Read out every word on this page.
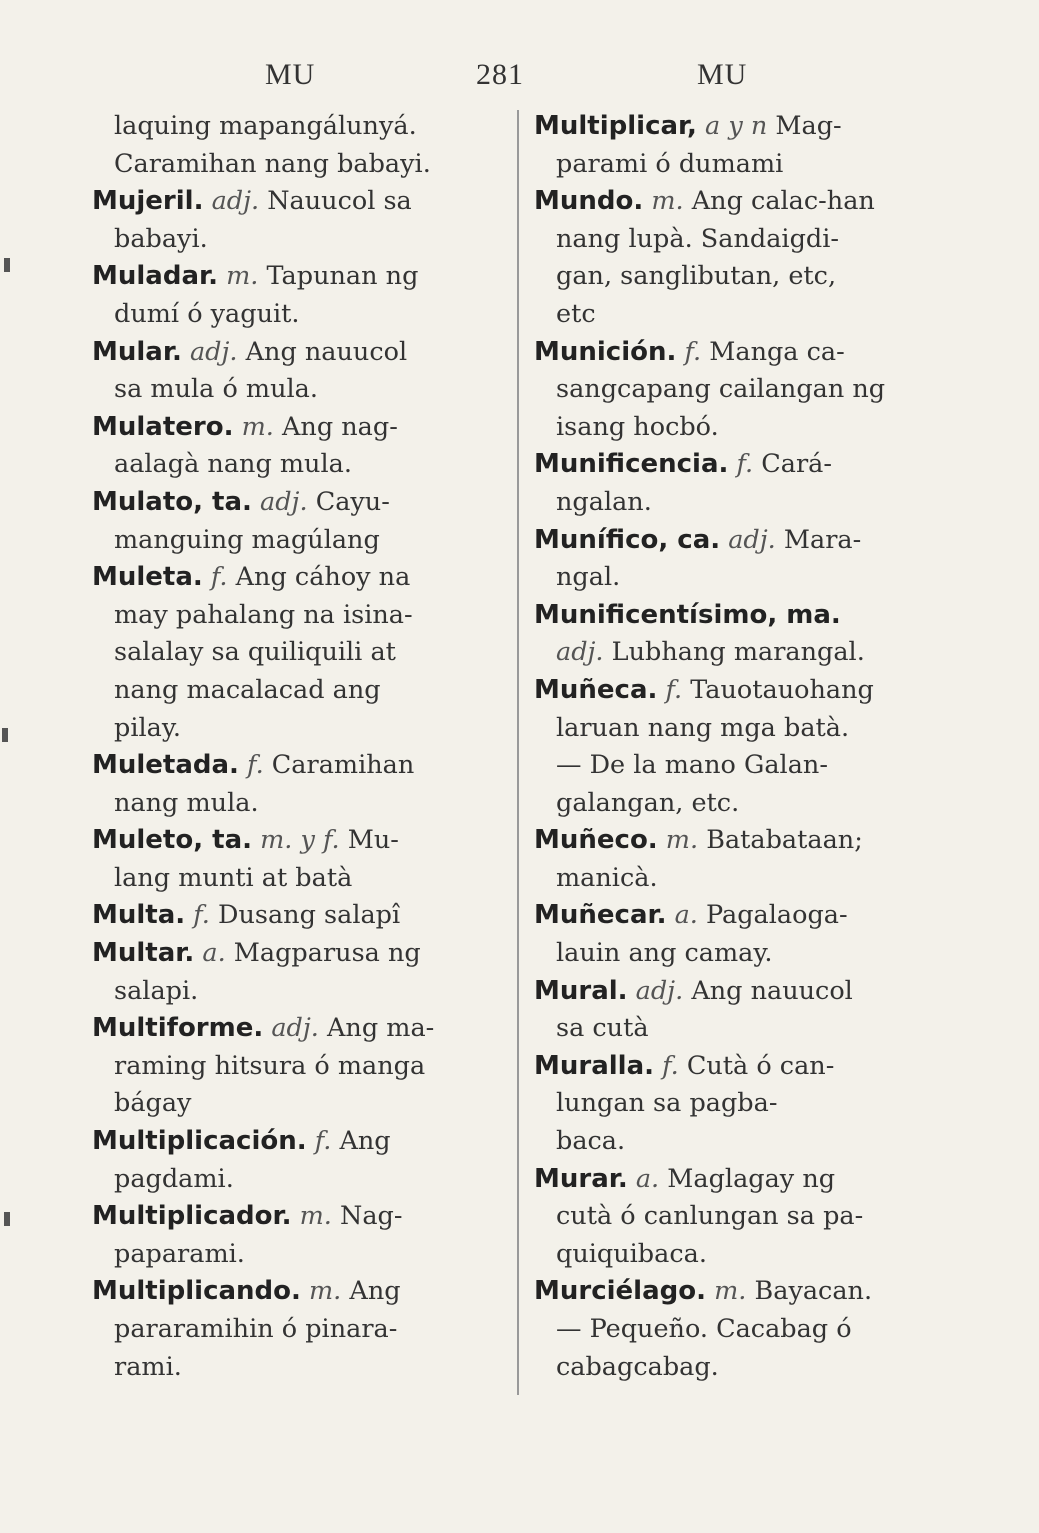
MU	281	MU
laquing mapangálunyá.
Caramihan nang babayi.
Mujeril. adj. Nauucol sa
babayi.
Muladar. m. Tapunan ng
dumí ó yaguit.
Mular. adj. Ang nauucol
sa mula ó mula.
Mulatero. m. Ang nag-
aalagà nang mula.
Mulato, ta. adj. Cayu-
manguing magúlang
Muleta. f. Ang cáhoy na
may pahalang na isina-
salalay sa quiliquili at
nang macalacad ang
pilay.
Muletada. f. Caramihan
nang mula.
Muleto, ta. m. y f. Mu-
lang munti at batà
Multa. f. Dusang salapî
Multar. a. Magparusa ng
salapi.
Multiforme. adj. Ang ma-
raming hitsura ó manga
bágay
Multiplicación. f. Ang
pagdami.
Multiplicador. m. Nag-
paparami.
Multiplicando. m. Ang
pararamihin ó pinara-
rami.
Multiplicar, a y n Mag-
parami ó dumami
Mundo. m. Ang calac-han
nang lupà. Sandaigdi-
gan, sanglibutan, etc,
etc
Munición. f. Manga ca-
sangcapang cailangan ng
isang hocbó.
Munificencia. f. Cará-
ngalan.
Munífico, ca. adj. Mara-
ngal.
Munificentísimo, ma.
adj. Lubhang marangal.
Muñeca. f. Tauotauohang
laruan nang mga batà.
— De la mano Galan-
galangan, etc.
Muñeco. m. Batabataan;
manicà.
Muñecar. a. Pagalaoga-
lauin ang camay.
Mural. adj. Ang nauucol
sa cutà
Muralla. f. Cutà ó can-
lungan sa pagba-
baca.
Murar. a. Maglagay ng
cutà ó canlungan sa pa-
quiquibaca.
Murciélago. m. Bayacan.
— Pequeño. Cacabag ó
cabagcabag.
